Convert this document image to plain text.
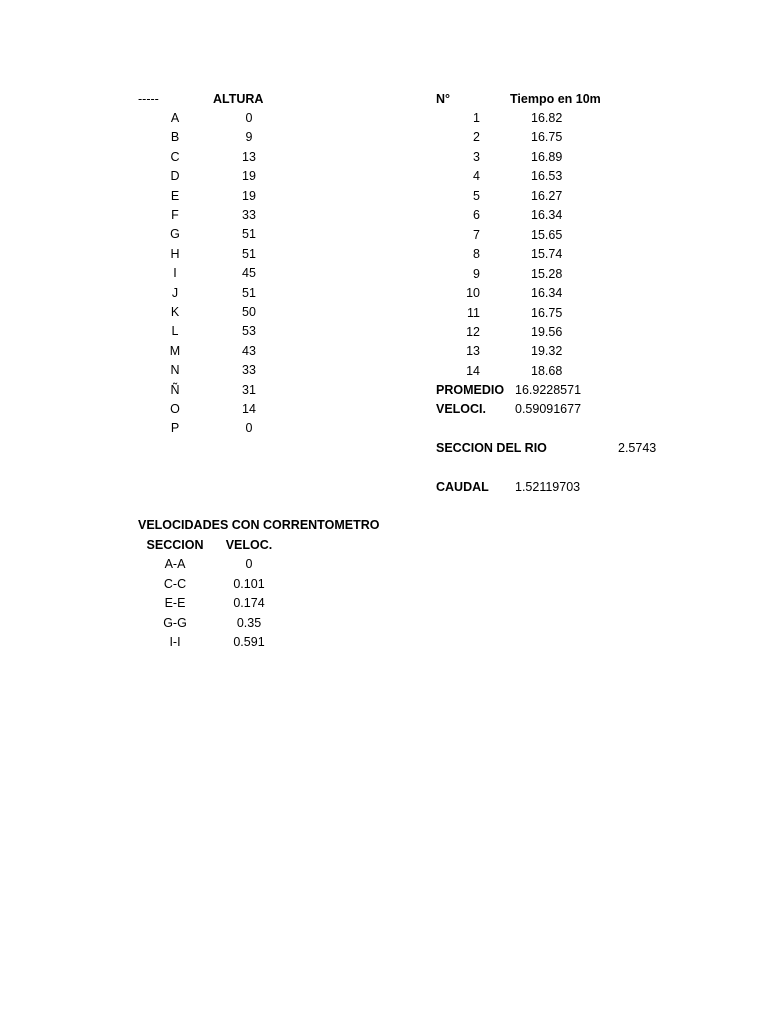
-----	ALTURA
A	0
B	9
C	13
D	19
E	19
F	33
G	51
H	51
I	45
J	51
K	50
L	53
M	43
N	33
Ñ	31
O	14
P	0
N°	Tiempo en 10m
1	16.82
2	16.75
3	16.89
4	16.53
5	16.27
6	16.34
7	15.65
8	15.74
9	15.28
10	16.34
11	16.75
12	19.56
13	19.32
14	18.68
PROMEDIO 16.9228571
VELOCI. 0.59091677
SECCION DEL RIO	2.5743
CAUDAL 1.52119703
VELOCIDADES CON CORRENTOMETRO
SECCION	VELOC.
A-A	0
C-C	0.101
E-E	0.174
G-G	0.35
I-I	0.591
